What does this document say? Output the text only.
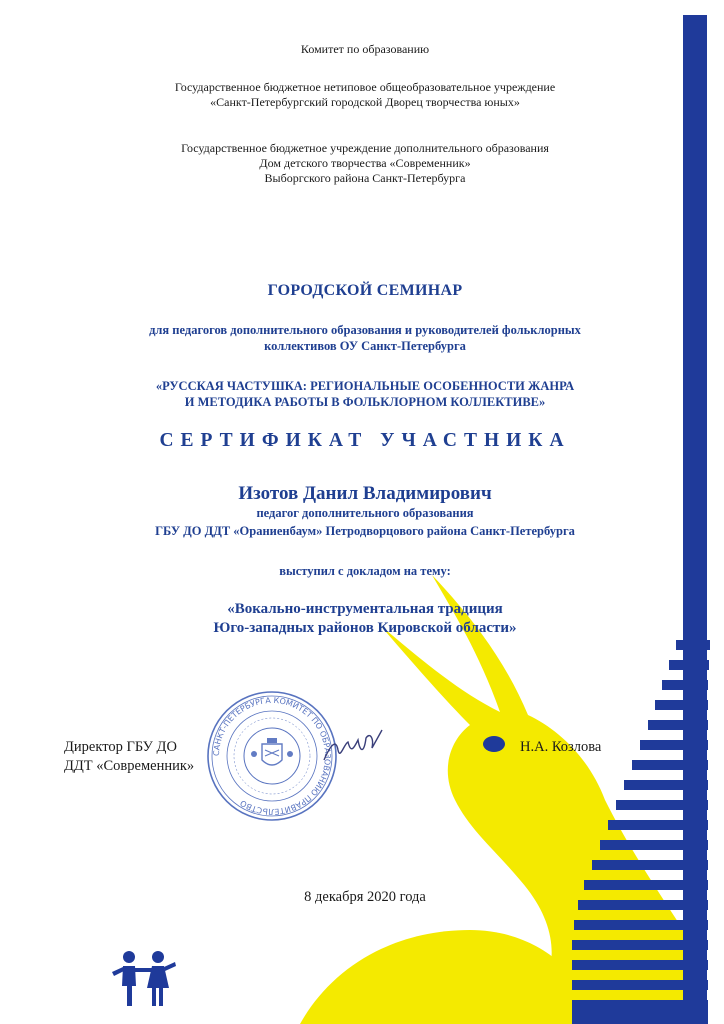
Комитет по образованию
Государственное бюджетное нетиповое общеобразовательное учреждение
«Санкт-Петербургский городской Дворец творчества юных»
Государственное бюджетное учреждение дополнительного образования
Дом детского творчества «Современник»
Выборгского района Санкт-Петербурга
ГОРОДСКОЙ СЕМИНАР
для педагогов дополнительного образования и руководителей фольклорных
коллективов ОУ Санкт-Петербурга
«РУССКАЯ ЧАСТУШКА: РЕГИОНАЛЬНЫЕ ОСОБЕННОСТИ ЖАНРА
И МЕТОДИКА РАБОТЫ В ФОЛЬКЛОРНОМ КОЛЛЕКТИВЕ»
СЕРТИФИКАТ УЧАСТНИКА
Изотов Данил Владимирович
педагог дополнительного образования
ГБУ ДО ДДТ «Ораниенбаум» Петродворцового района Санкт-Петербурга
выступил с докладом на тему:
«Вокально-инструментальная традиция
Юго-западных районов Кировской области»
Директор ГБУ ДО
ДДТ «Современник»
Н.А. Козлова
САНКТ-ПЕТЕРБУРГА КОМИТЕТ ПО ОБРАЗОВАНИЮ ПРАВИТЕЛЬСТВО
8 декабря 2020 года
